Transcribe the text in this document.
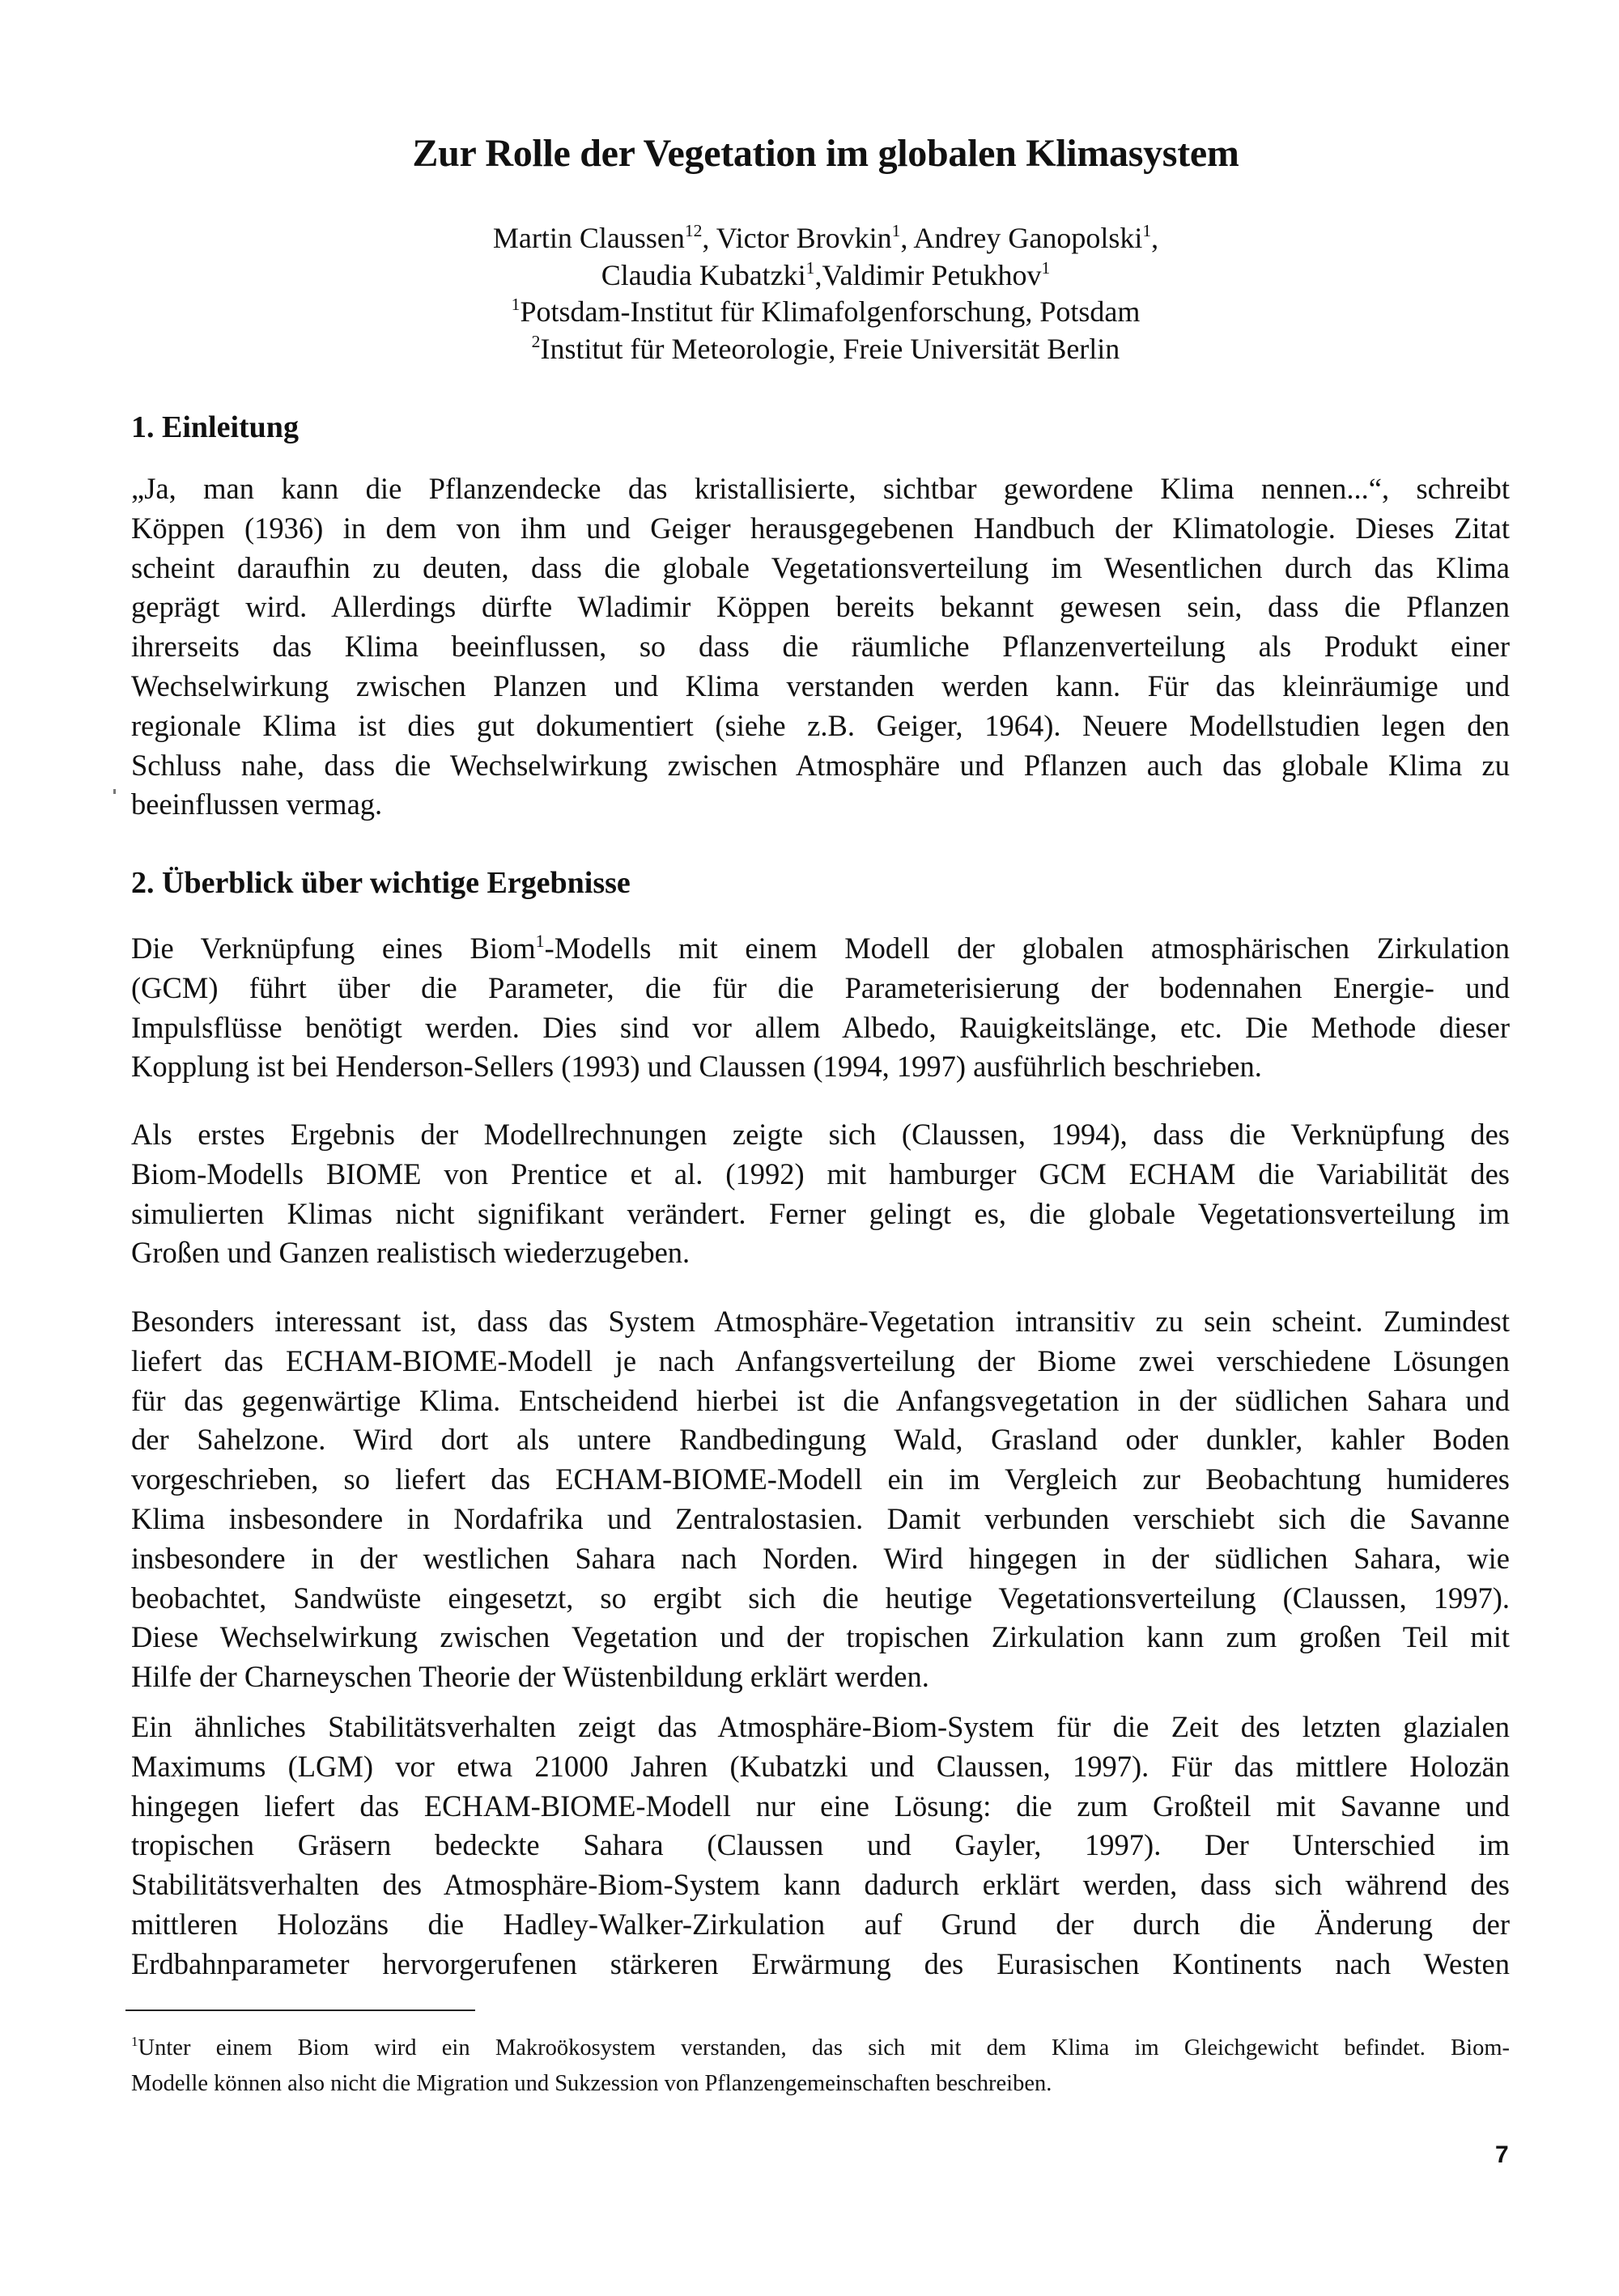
Zur Rolle der Vegetation im globalen Klimasystem
Martin Claussen$^{12}$, Victor Brovkin$^1$, Andrey Ganopolski$^1$,
Claudia Kubatzki$^1$,Valdimir Petukhov$^1$
$^1$Potsdam-Institut für Klimafolgenforschung, Potsdam
$^2$Institut für Meteorologie, Freie Universität Berlin
1. Einleitung
„Ja, man kann die Pflanzendecke das kristallisierte, sichtbar gewordene Klima nennen...“, schreibt
Köppen (1936) in dem von ihm und Geiger herausgegebenen Handbuch der Klimatologie. Dieses Zitat
scheint daraufhin zu deuten, dass die globale Vegetationsverteilung im Wesentlichen durch das Klima
geprägt wird. Allerdings dürfte Wladimir Köppen bereits bekannt gewesen sein, dass die Pflanzen
ihrerseits das Klima beeinflussen, so dass die räumliche Pflanzenverteilung als Produkt einer
Wechselwirkung zwischen Planzen und Klima verstanden werden kann. Für das kleinräumige und
regionale Klima ist dies gut dokumentiert (siehe z.B. Geiger, 1964). Neuere Modellstudien legen den
Schluss nahe, dass die Wechselwirkung zwischen Atmosphäre und Pflanzen auch das globale Klima zu
beeinflussen vermag.
2. Überblick über wichtige Ergebnisse
Die Verknüpfung eines Biom$^1$-Modells mit einem Modell der globalen atmosphärischen Zirkulation
(GCM) führt über die Parameter, die für die Parameterisierung der bodennahen Energie- und
Impulsflüsse benötigt werden. Dies sind vor allem Albedo, Rauigkeitslänge, etc. Die Methode dieser
Kopplung ist bei Henderson-Sellers (1993) und Claussen (1994, 1997) ausführlich beschrieben.
Als erstes Ergebnis der Modellrechnungen zeigte sich (Claussen, 1994), dass die Verknüpfung des
Biom-Modells BIOME von Prentice et al. (1992) mit hamburger GCM ECHAM die Variabilität des
simulierten Klimas nicht signifikant verändert. Ferner gelingt es, die globale Vegetationsverteilung im
Großen und Ganzen realistisch wiederzugeben.
Besonders interessant ist, dass das System Atmosphäre-Vegetation intransitiv zu sein scheint. Zumindest
liefert das ECHAM-BIOME-Modell je nach Anfangsverteilung der Biome zwei verschiedene Lösungen
für das gegenwärtige Klima. Entscheidend hierbei ist die Anfangsvegetation in der südlichen Sahara und
der Sahelzone. Wird dort als untere Randbedingung Wald, Grasland oder dunkler, kahler Boden
vorgeschrieben, so liefert das ECHAM-BIOME-Modell ein im Vergleich zur Beobachtung humideres
Klima insbesondere in Nordafrika und Zentralostasien. Damit verbunden verschiebt sich die Savanne
insbesondere in der westlichen Sahara nach Norden. Wird hingegen in der südlichen Sahara, wie
beobachtet, Sandwüste eingesetzt, so ergibt sich die heutige Vegetationsverteilung (Claussen, 1997).
Diese Wechselwirkung zwischen Vegetation und der tropischen Zirkulation kann zum großen Teil mit
Hilfe der Charneyschen Theorie der Wüstenbildung erklärt werden.
Ein ähnliches Stabilitätsverhalten zeigt das Atmosphäre-Biom-System für die Zeit des letzten glazialen
Maximums (LGM) vor etwa 21000 Jahren (Kubatzki und Claussen, 1997). Für das mittlere Holozän
hingegen liefert das ECHAM-BIOME-Modell nur eine Lösung: die zum Großteil mit Savanne und
tropischen Gräsern bedeckte Sahara (Claussen und Gayler, 1997). Der Unterschied im
Stabilitätsverhalten des Atmosphäre-Biom-System kann dadurch erklärt werden, dass sich während des
mittleren Holozäns die Hadley-Walker-Zirkulation auf Grund der durch die Änderung der
Erdbahnparameter hervorgerufenen stärkeren Erwärmung des Eurasischen Kontinents nach Westen
$^1$Unter einem Biom wird ein Makroökosystem verstanden, das sich mit dem Klima im Gleichgewicht befindet. Biom-
Modelle können also nicht die Migration und Sukzession von Pflanzengemeinschaften beschreiben.
7
